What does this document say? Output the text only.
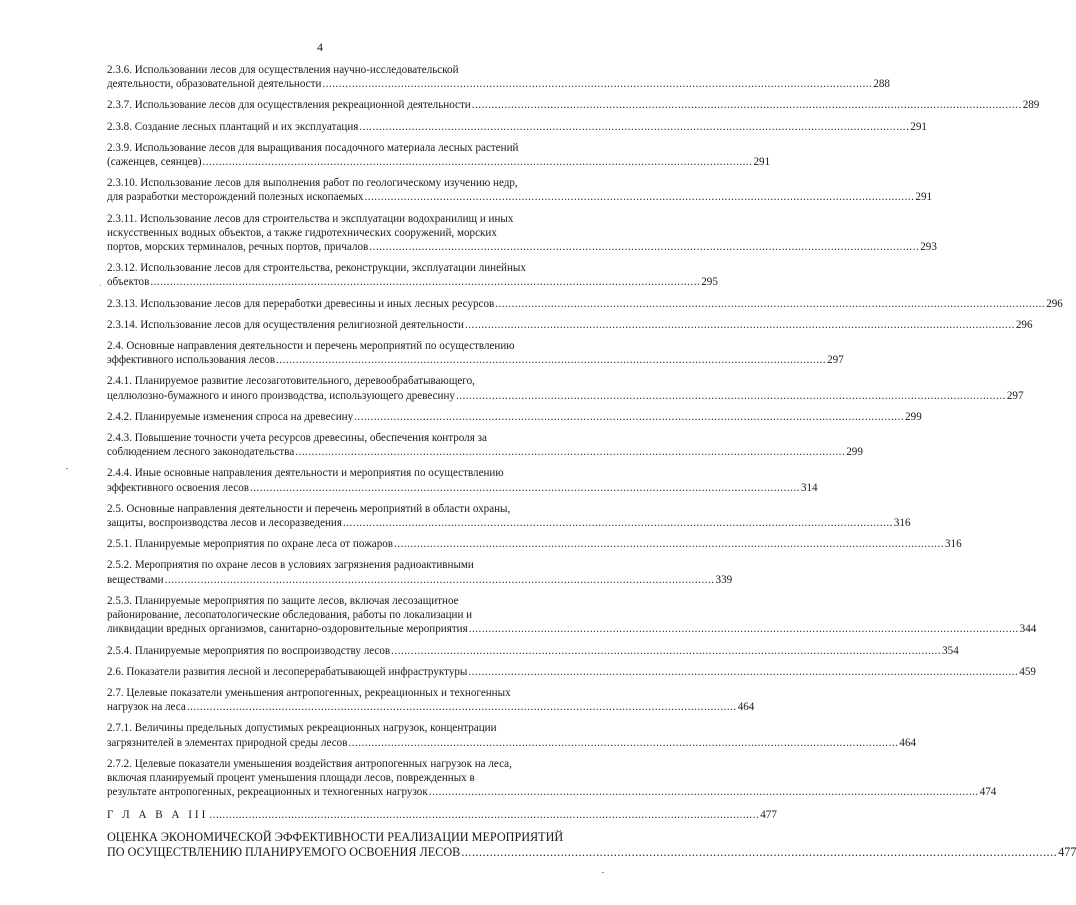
4
2.3.6. Использовании лесов для осуществления научно-исследовательской
деятельности, образовательной деятельности .....	288
2.3.7. Использование лесов для осуществления рекреационной деятельности .....	289
2.3.8. Создание лесных плантаций и их эксплуатация .....	291
2.3.9. Использование лесов для выращивания посадочного материала лесных растений
(саженцев, сеянцев) .....	291
2.3.10. Использование лесов для выполнения работ по геологическому изучению недр,
для разработки месторождений полезных ископаемых .....	291
2.3.11. Использование лесов для строительства и эксплуатации водохранилищ и иных
искусственных водных объектов, а также гидротехнических сооружений, морских
портов, морских терминалов, речных портов, причалов .....	293
2.3.12. Использование лесов для строительства, реконструкции, эксплуатации линейных
объектов .....	295
2.3.13. Использование лесов для переработки древесины и иных лесных ресурсов .....	296
2.3.14. Использование лесов для осуществления религиозной деятельности .....	296
2.4. Основные направления деятельности и перечень мероприятий по осуществлению
эффективного использования лесов .....	297
2.4.1. Планируемое развитие лесозаготовительного, деревообрабатывающего,
целлюлозно-бумажного и иного производства, использующего древесину .....	297
2.4.2. Планируемые изменения спроса на древесину .....	299
2.4.3. Повышение точности учета ресурсов древесины, обеспечения контроля за
соблюдением лесного законодательства .....	299
2.4.4. Иные основные направления деятельности и мероприятия по осуществлению
эффективного освоения лесов .....	314
2.5. Основные направления деятельности и перечень мероприятий в области охраны,
защиты, воспроизводства лесов и лесоразведения .....	316
2.5.1. Планируемые мероприятия по охране леса от пожаров .....	316
2.5.2. Мероприятия по охране лесов в условиях загрязнения радиоактивными
веществами .....	339
2.5.3. Планируемые мероприятия по защите лесов, включая лесозащитное
районирование, лесопатологические обследования, работы по локализации и
ликвидации вредных организмов, санитарно-оздоровительные мероприятия .....	344
2.5.4. Планируемые мероприятия по воспроизводству лесов .....	354
2.6. Показатели развития лесной и лесоперерабатывающей инфраструктуры .....	459
2.7. Целевые показатели уменьшения антропогенных, рекреационных и техногенных
нагрузок на леса .....	464
2.7.1. Величины предельных допустимых рекреационных нагрузок, концентрации
загрязнителей в элементах природной среды лесов .....	464
2.7.2. Целевые показатели уменьшения воздействия антропогенных нагрузок на леса,
включая планируемый процент уменьшения площади лесов, поврежденных в
результате антропогенных, рекреационных и техногенных нагрузок .....	474
Г Л А В А III .....	477
ОЦЕНКА ЭКОНОМИЧЕСКОЙ ЭФФЕКТИВНОСТИ РЕАЛИЗАЦИИ МЕРОПРИЯТИЙ
ПО ОСУЩЕСТВЛЕНИЮ ПЛАНИРУЕМОГО ОСВОЕНИЯ ЛЕСОВ .....	477
